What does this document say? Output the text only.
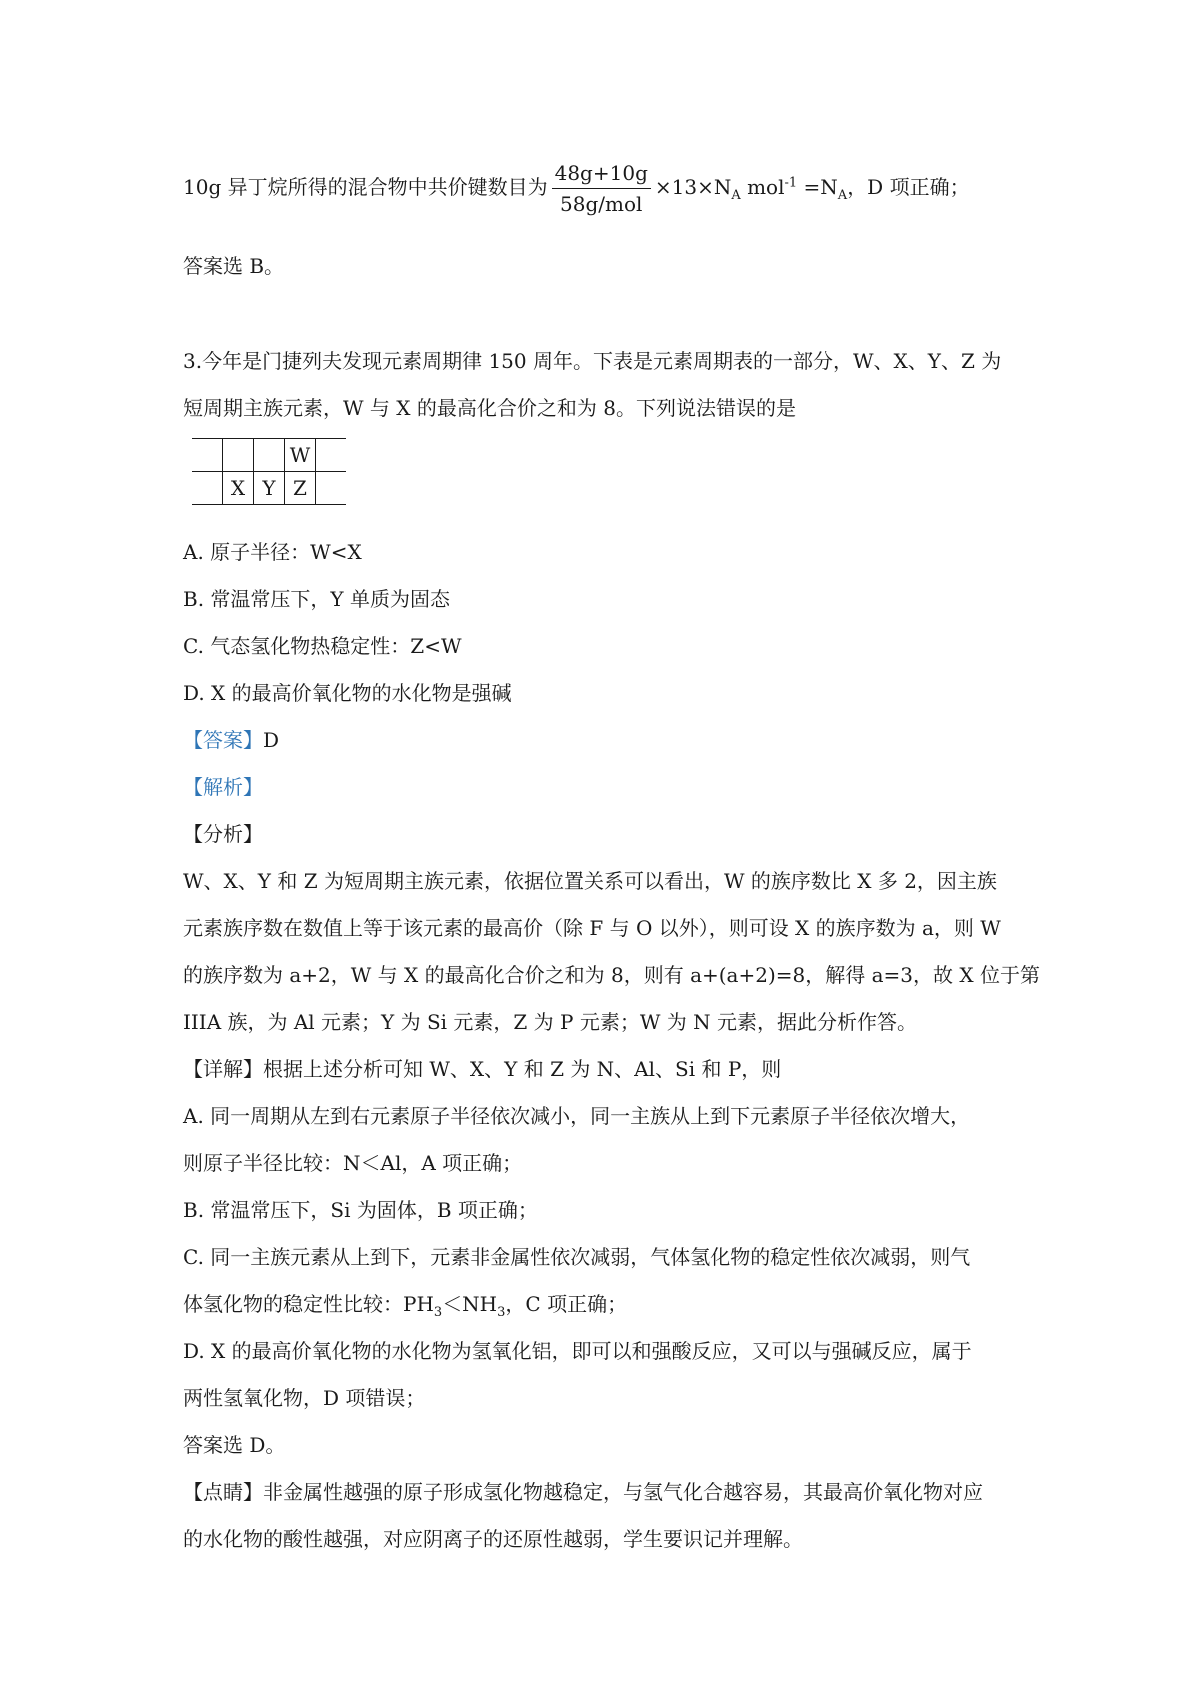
10g 异丁烷所得的混合物中共价键数目为 $\frac{48g+10g}{\text{58g/mol}} \times 13\times N_A$ $mol^{-1} =N_A$，D 项正确；
答案选 B。
3.今年是门捷列夫发现元素周期律 150 周年。下表是元素周期表的一部分，W、X、Y、Z 为
短周期主族元素，W 与 X 的最高化合价之和为 8。下列说法错误的是
			W	
	X	Y	Z	
A. 原子半径：W<X
B. 常温常压下，Y 单质为固态
C. 气态氢化物热稳定性：Z<W
D. X 的最高价氧化物的水化物是强碱
【答案】D
【解析】
【分析】
W、X、Y 和 Z 为短周期主族元素，依据位置关系可以看出，W 的族序数比 X 多 2，因主族
元素族序数在数值上等于该元素的最高价（除 F 与 O 以外），则可设 X 的族序数为 a，则 W
的族序数为 a+2，W 与 X 的最高化合价之和为 8，则有 a+(a+2)=8，解得 a=3，故 X 位于第
IIIA 族，为 Al 元素；Y 为 Si 元素，Z 为 P 元素；W 为 N 元素，据此分析作答。
【详解】根据上述分析可知 W、X、Y 和 Z 为 N、Al、Si 和 P，则
A. 同一周期从左到右元素原子半径依次减小，同一主族从上到下元素原子半径依次增大，
则原子半径比较：N＜Al，A 项正确；
B. 常温常压下，Si 为固体，B 项正确；
C. 同一主族元素从上到下，元素非金属性依次减弱，气体氢化物的稳定性依次减弱，则气
体氢化物的稳定性比较：$PH_3<NH_3$，C 项正确；
D. X 的最高价氧化物的水化物为氢氧化铝，即可以和强酸反应，又可以与强碱反应，属于
两性氢氧化物，D 项错误；
答案选 D。
【点睛】非金属性越强的原子形成氢化物越稳定，与氢气化合越容易，其最高价氧化物对应
的水化物的酸性越强，对应阴离子的还原性越弱，学生要识记并理解。
